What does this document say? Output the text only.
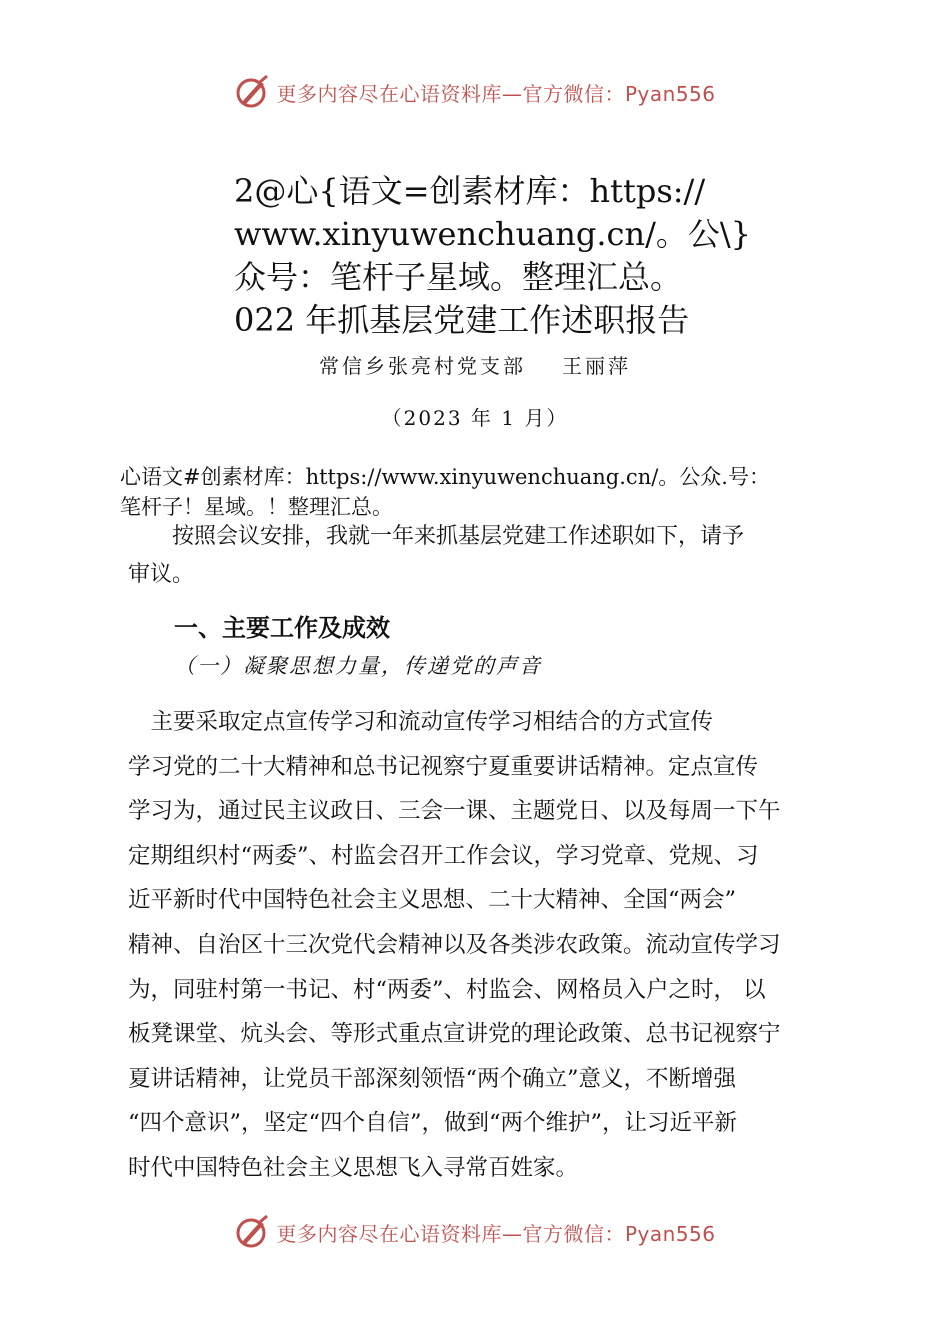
更多内容尽在心语资料库—官方微信：Pyan556
2@心{语文=创素材库：https://
www.xinyuwenchuang.cn/。公\}
众号：笔杆子星域。整理汇总。
022 年抓基层党建工作述职报告
常信乡张亮村党支部 王丽萍
（2023 年 1 月）
心语文#创素材库：https://www.xinyuwenchuang.cn/。公众.号：
笔杆子！星域。！整理汇总。
　　按照会议安排，我就一年来抓基层党建工作述职如下，请予
审议。
一、主要工作及成效
（一）凝聚思想力量，传递党的声音
　主要采取定点宣传学习和流动宣传学习相结合的方式宣传
学习党的二十大精神和总书记视察宁夏重要讲话精神。定点宣传
学习为，通过民主议政日、三会一课、主题党日、以及每周一下午
定期组织村“两委”、村监会召开工作会议，学习党章、党规、习
近平新时代中国特色社会主义思想、二十大精神、全国“两会”
精神、自治区十三次党代会精神以及各类涉农政策。流动宣传学习
为，同驻村第一书记、村“两委”、村监会、网格员入户之时， 以
板凳课堂、炕头会、等形式重点宣讲党的理论政策、总书记视察宁
夏讲话精神，让党员干部深刻领悟“两个确立”意义，不断增强
“四个意识”，坚定“四个自信”，做到“两个维护”，让习近平新
时代中国特色社会主义思想飞入寻常百姓家。
更多内容尽在心语资料库—官方微信：Pyan556
